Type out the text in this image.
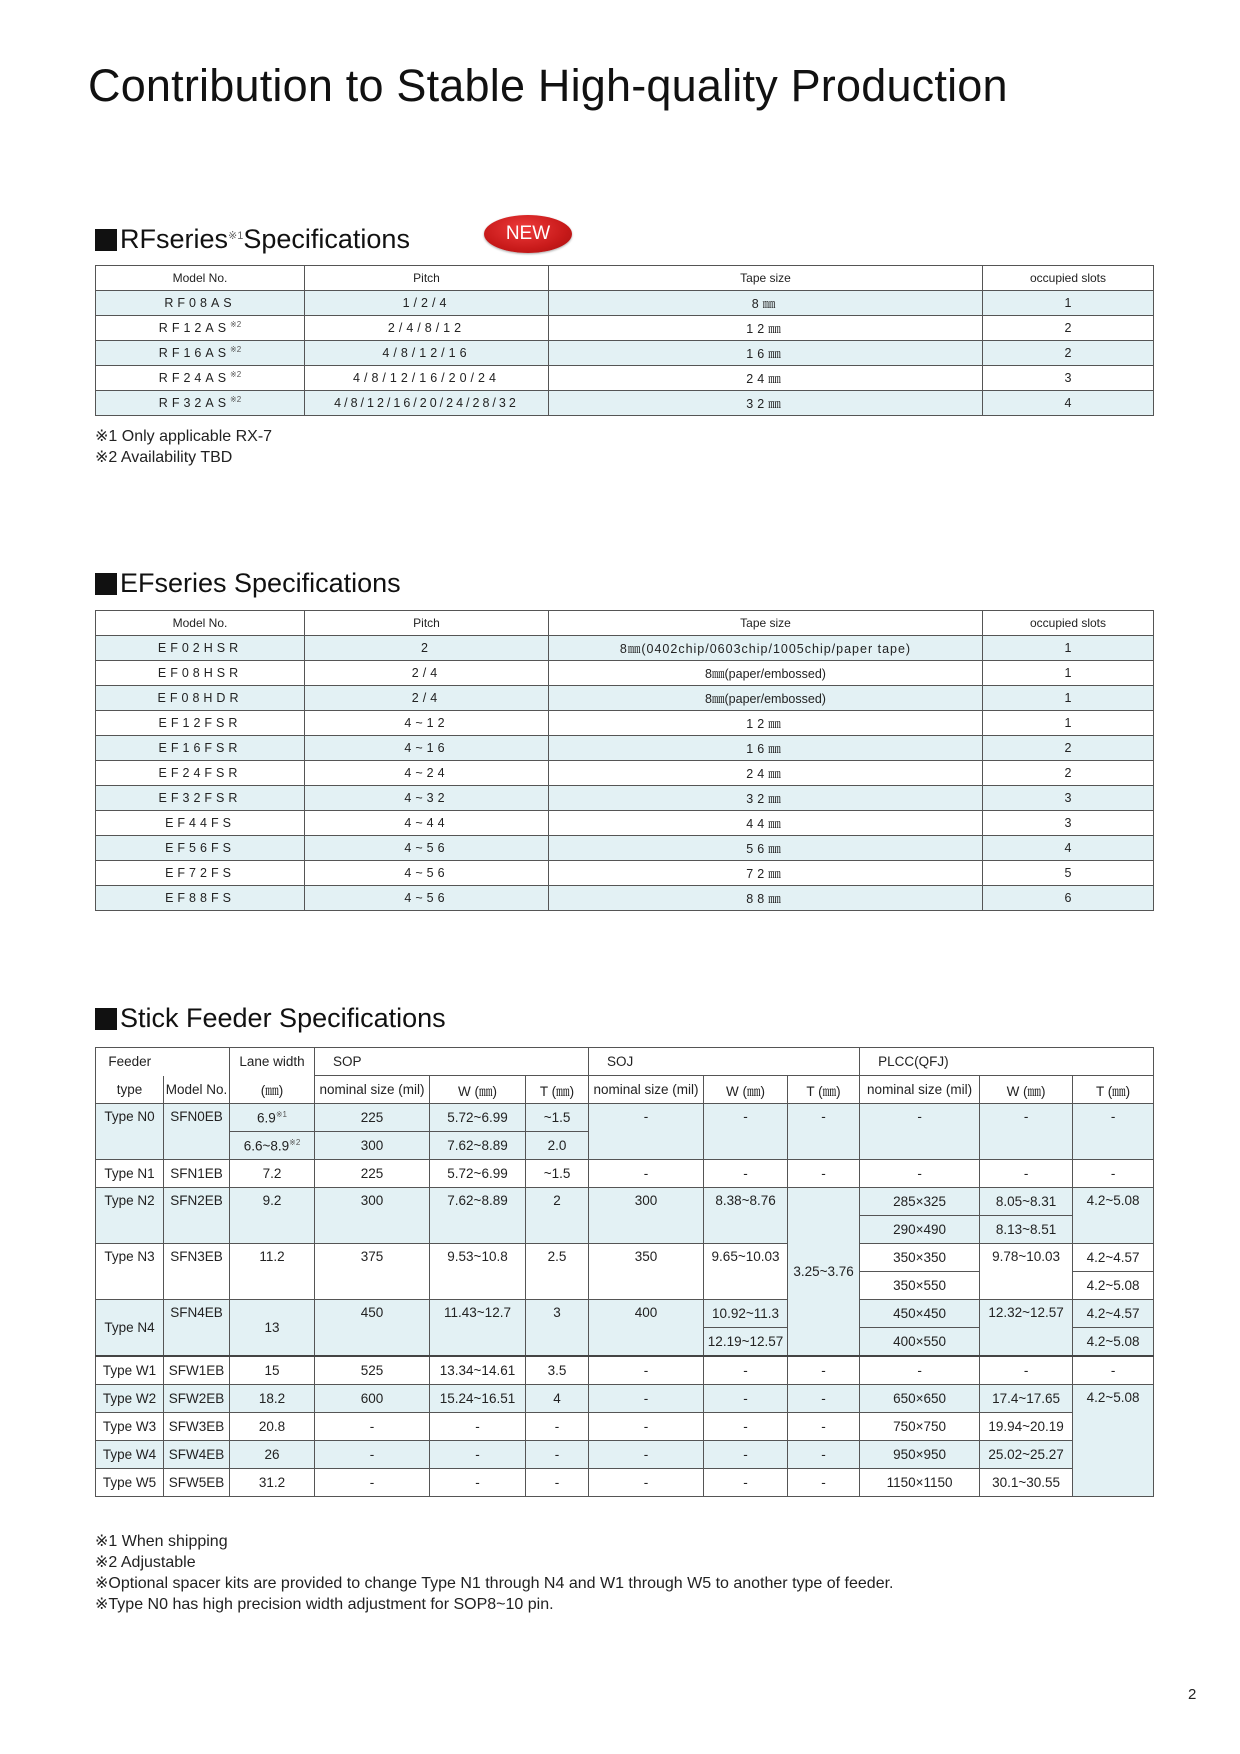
Contribution to Stable High-quality Production
RFseries$^{※1}$ Specifications	NEW
Model No.	Pitch	Tape size	occupied slots
RF08AS	1/2/4	8㎜	1
RF12AS$^{※2}$	2/4/8/12	12㎜	2
RF16AS$^{※2}$	4/8/12/16	16㎜	2
RF24AS$^{※2}$	4/8/12/16/20/24	24㎜	3
RF32AS$^{※2}$	4/8/12/16/20/24/28/32	32㎜	4
※1 Only applicable RX-7
※2 Availability TBD
EFseries Specifications
Model No.	Pitch	Tape size	occupied slots
EF02HSR	2	8㎜(0402chip/0603chip/1005chip/paper tape)	1
EF08HSR	2/4	8㎜(paper/embossed)	1
EF08HDR	2/4	8㎜(paper/embossed)	1
EF12FSR	4~12	12㎜	1
EF16FSR	4~16	16㎜	2
EF24FSR	4~24	24㎜	2
EF32FSR	4~32	32㎜	3
EF44FS	4~44	44㎜	3
EF56FS	4~56	56㎜	4
EF72FS	4~56	72㎜	5
EF88FS	4~56	88㎜	6
Stick Feeder Specifications
Feeder		Lane width	SOP			SOJ			PLCC(QFJ)		
type	Model No.	(㎜)	nominal size (mil)	W (㎜)	T (㎜)	nominal size (mil)	W (㎜)	T (㎜)	nominal size (mil)	W (㎜)	T (㎜)
Type N0	SFN0EB	6.9$^{※1}$	225	5.72~6.99	~1.5	-	-	-	-	-	-
		6.6~8.9$^{※2}$	300	7.62~8.89	2.0						
Type N1	SFN1EB	7.2	225	5.72~6.99	~1.5	-	-	-	-	-	-
Type N2	SFN2EB	9.2	300	7.62~8.89	2	300	8.38~8.76	3.25~3.76	285×325	8.05~8.31	4.2~5.08
									290×490	8.13~8.51	
Type N3	SFN3EB	11.2	375	9.53~10.8	2.5	350	9.65~10.03		350×350	9.78~10.03	4.2~4.57
									350×550		4.2~5.08
Type N4	SFN4EB	13	450	11.43~12.7	3	400	10.92~11.3		450×450	12.32~12.57	4.2~4.57
							12.19~12.57		400×550		4.2~5.08
Type W1	SFW1EB	15	525	13.34~14.61	3.5	-	-	-	-	-	-
Type W2	SFW2EB	18.2	600	15.24~16.51	4	-	-	-	650×650	17.4~17.65	4.2~5.08
Type W3	SFW3EB	20.8	-	-	-	-	-	-	750×750	19.94~20.19	
Type W4	SFW4EB	26	-	-	-	-	-	-	950×950	25.02~25.27	
Type W5	SFW5EB	31.2	-	-	-	-	-	-	1150×1150	30.1~30.55	
※1 When shipping
※2 Adjustable
※Optional spacer kits are provided to change Type N1 through N4 and W1 through W5 to another type of feeder.
※Type N0 has high precision width adjustment for SOP8~10 pin.
2
